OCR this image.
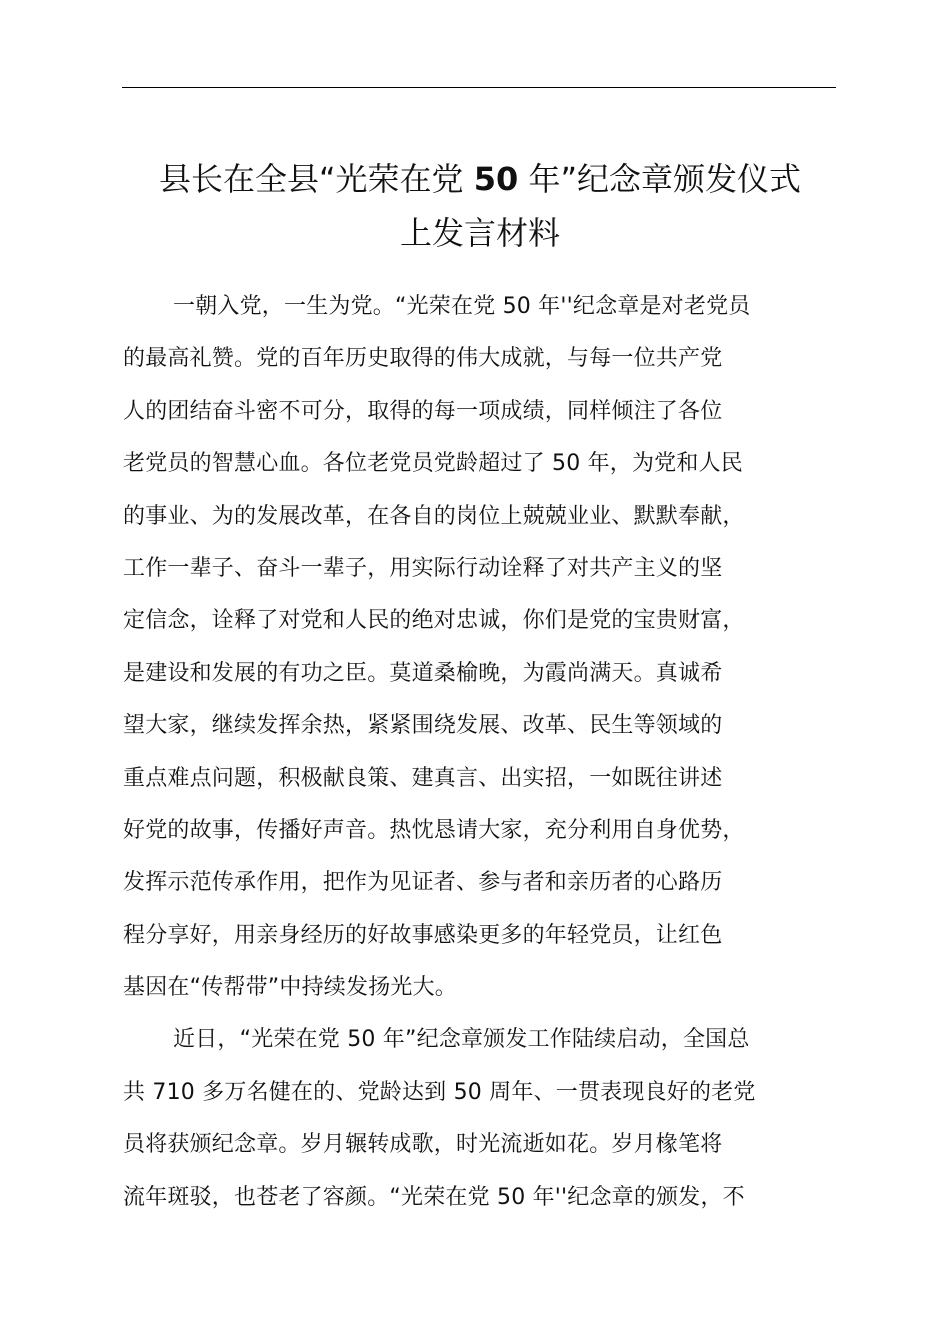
县长在全县“光荣在党 50 年”纪念章颁发仪式
上发言材料
一朝入党，一生为党。“光荣在党 50 年''纪念章是对老党员
的最高礼赞。党的百年历史取得的伟大成就，与每一位共产党
人的团结奋斗密不可分，取得的每一项成绩，同样倾注了各位
老党员的智慧心血。各位老党员党龄超过了 50 年，为党和人民
的事业、为的发展改革，在各自的岗位上兢兢业业、默默奉献，
工作一辈子、奋斗一辈子，用实际行动诠释了对共产主义的坚
定信念，诠释了对党和人民的绝对忠诚，你们是党的宝贵财富，
是建设和发展的有功之臣。莫道桑榆晚，为霞尚满天。真诚希
望大家，继续发挥余热，紧紧围绕发展、改革、民生等领域的
重点难点问题，积极献良策、建真言、出实招，一如既往讲述
好党的故事，传播好声音。热忱恳请大家，充分利用自身优势，
发挥示范传承作用，把作为见证者、参与者和亲历者的心路历
程分享好，用亲身经历的好故事感染更多的年轻党员，让红色
基因在“传帮带”中持续发扬光大。
近日，“光荣在党 50 年”纪念章颁发工作陆续启动，全国总
共 710 多万名健在的、党龄达到 50 周年、一贯表现良好的老党
员将获颁纪念章。岁月辗转成歌，时光流逝如花。岁月椽笔将
流年斑驳，也苍老了容颜。“光荣在党 50 年''纪念章的颁发，不
